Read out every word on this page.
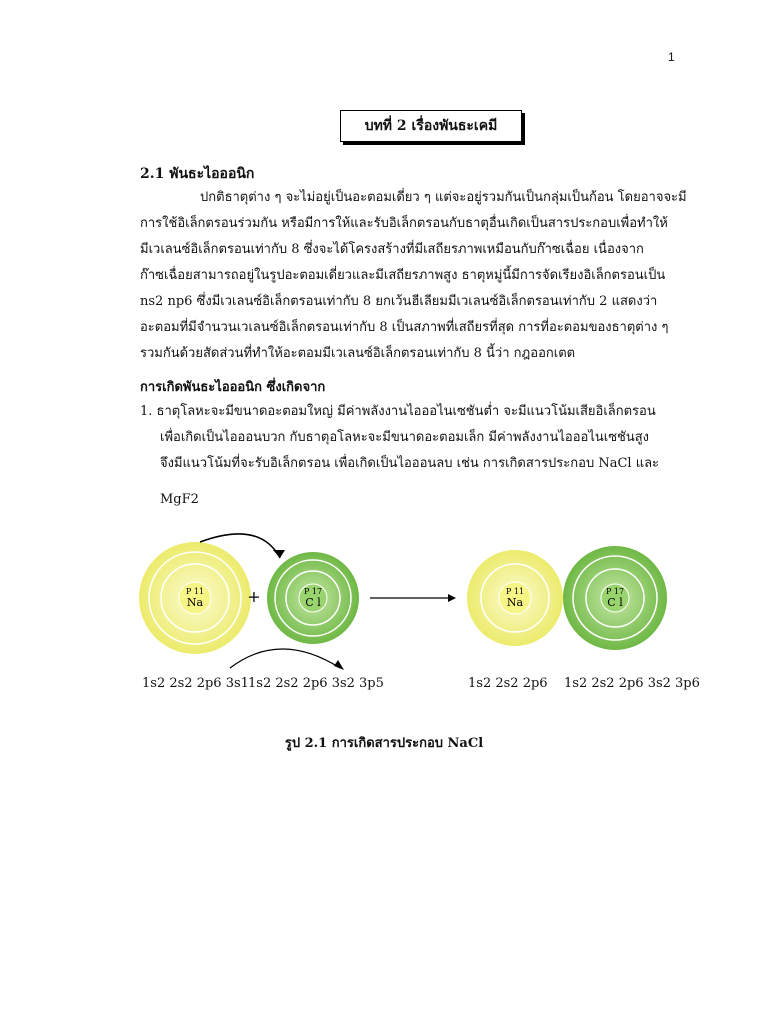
1
บทที่ 2 เรื่องพันธะเคมี
2.1 พันธะไอออนิก
ปกติธาตุต่าง ๆ จะไม่อยู่เป็นอะตอมเดี่ยว ๆ แต่จะอยู่รวมกันเป็นกลุ่มเป็นก้อน โดยอาจจะมี
การใช้อิเล็กตรอนร่วมกัน หรือมีการให้และรับอิเล็กตรอนกับธาตุอื่นเกิดเป็นสารประกอบเพื่อทำให้
มีเวเลนซ์อิเล็กตรอนเท่ากับ 8 ซึ่งจะได้โครงสร้างที่มีเสถียรภาพเหมือนกับก๊าซเฉื่อย เนื่องจาก
ก๊าซเฉื่อยสามารถอยู่ในรูปอะตอมเดี่ยวและมีเสถียรภาพสูง ธาตุหมู่นี้มีการจัดเรียงอิเล็กตรอนเป็น
ns2 np6 ซึ่งมีเวเลนซ์อิเล็กตรอนเท่ากับ 8 ยกเว้นฮีเลียมมีเวเลนซ์อิเล็กตรอนเท่ากับ 2 แสดงว่า
อะตอมที่มีจำนวนเวเลนซ์อิเล็กตรอนเท่ากับ 8 เป็นสภาพที่เสถียรที่สุด การที่อะตอมของธาตุต่าง ๆ
รวมกันด้วยสัดส่วนที่ทำให้อะตอมมีเวเลนซ์อิเล็กตรอนเท่ากับ 8 นี้ว่า กฎออกเตต
การเกิดพันธะไอออนิก ซึ่งเกิดจาก
1. ธาตุโลหะจะมีขนาดอะตอมใหญ่ มีค่าพลังงานไอออไนเซชันต่ำ จะมีแนวโน้มเสียอิเล็กตรอน
เพื่อเกิดเป็นไอออนบวก กับธาตุอโลหะจะมีขนาดอะตอมเล็ก มีค่าพลังงานไอออไนเซชันสูง
จึงมีแนวโน้มที่จะรับอิเล็กตรอน เพื่อเกิดเป็นไอออนลบ เช่น การเกิดสารประกอบ NaCl และ
MgF2
P 11
Na	+	P 17
C l
P 11
Na
P 17
C l
1s2 2s2 2p6 3s1 1s2 2s2 2p6 3s2 3p5	1s2 2s2 2p6 1s2 2s2 2p6 3s2 3p6
รูป 2.1 การเกิดสารประกอบ NaCl
